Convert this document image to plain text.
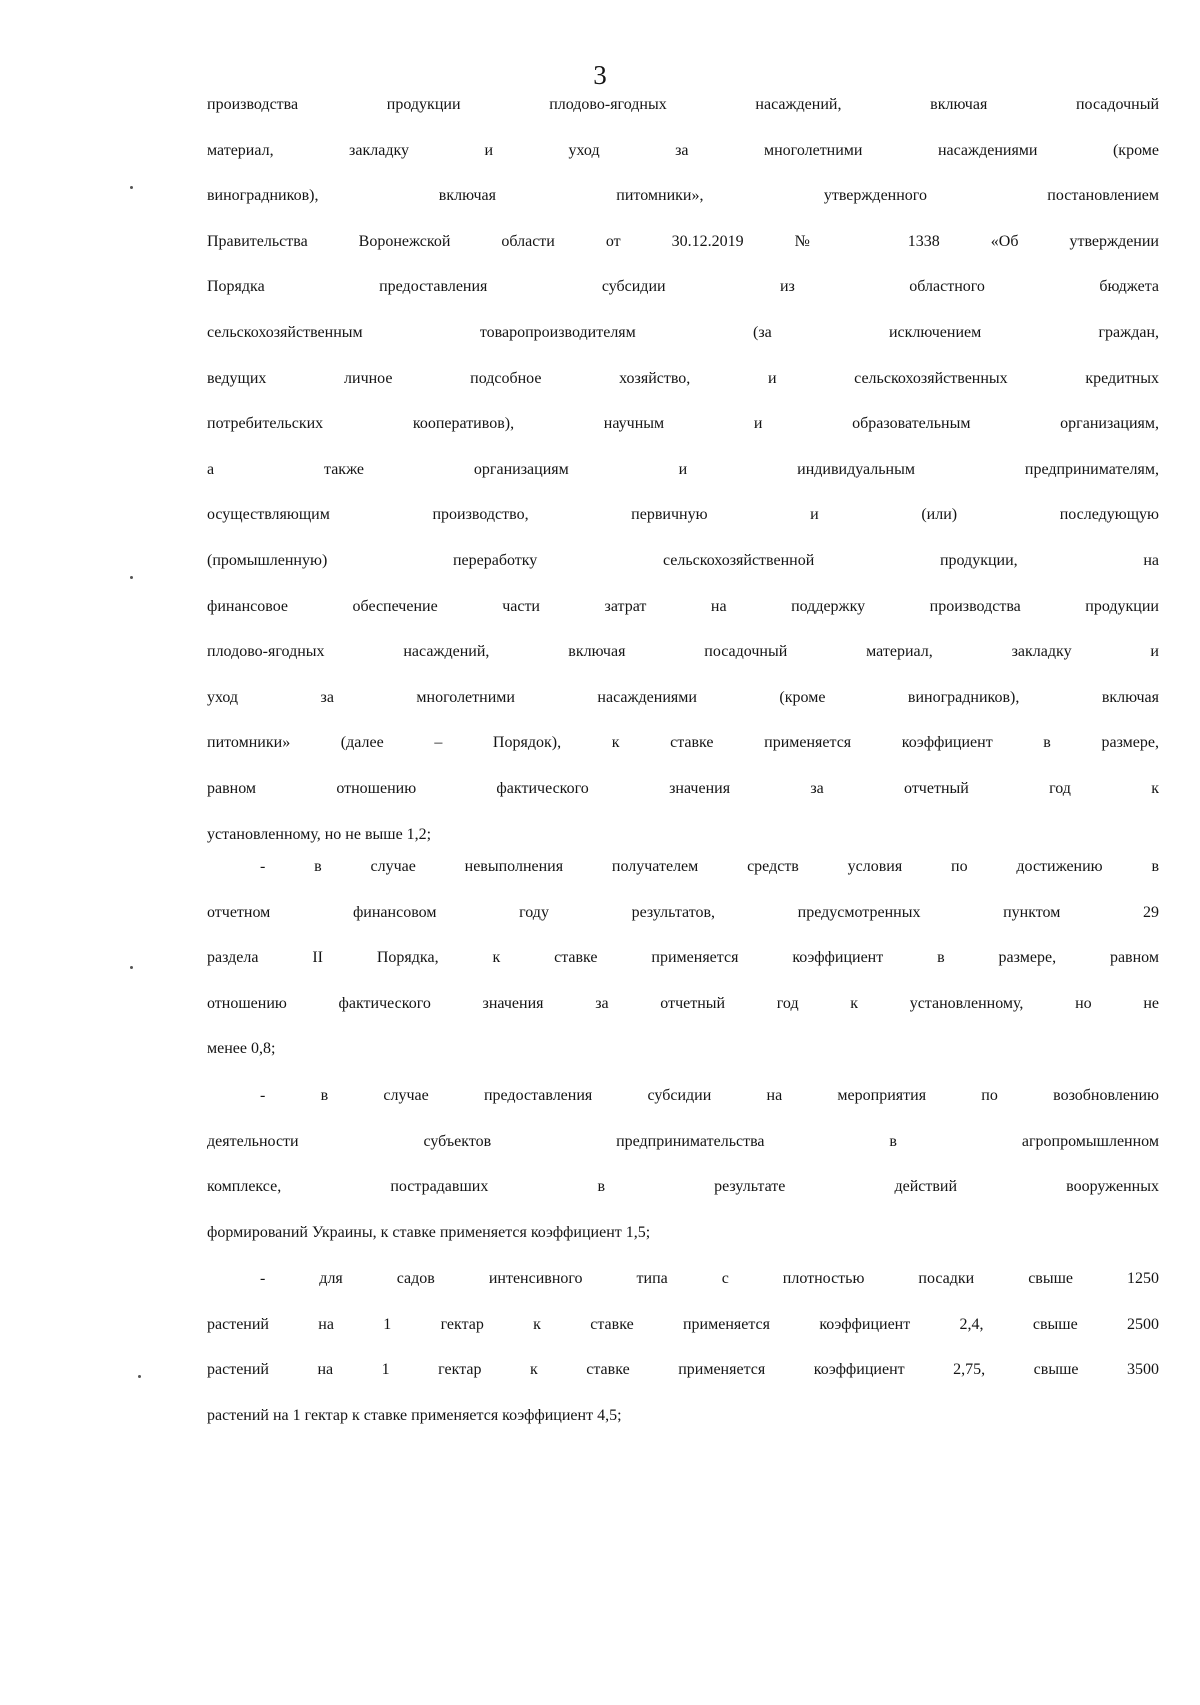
3
производства продукции плодово-ягодных насаждений, включая посадочный
материал, закладку и уход за многолетними насаждениями (кроме
виноградников), включая питомники», утвержденного постановлением
Правительства Воронежской области от 30.12.2019 № 1338 «Об утверждении
Порядка предоставления субсидии из областного бюджета
сельскохозяйственным товаропроизводителям (за исключением граждан,
ведущих личное подсобное хозяйство, и сельскохозяйственных кредитных
потребительских кооперативов), научным и образовательным организациям,
а также организациям и индивидуальным предпринимателям,
осуществляющим производство, первичную и (или) последующую
(промышленную) переработку сельскохозяйственной продукции, на
финансовое обеспечение части затрат на поддержку производства продукции
плодово-ягодных насаждений, включая посадочный материал, закладку и
уход за многолетними насаждениями (кроме виноградников), включая
питомники» (далее – Порядок), к ставке применяется коэффициент в размере,
равном отношению фактического значения за отчетный год к
установленному, но не выше 1,2;
- в случае невыполнения получателем средств условия по достижению в
отчетном финансовом году результатов, предусмотренных пунктом 29
раздела II Порядка, к ставке применяется коэффициент в размере, равном
отношению фактического значения за отчетный год к установленному, но не
менее 0,8;
- в случае предоставления субсидии на мероприятия по возобновлению
деятельности субъектов предпринимательства в агропромышленном
комплексе, пострадавших в результате действий вооруженных
формирований Украины, к ставке применяется коэффициент 1,5;
- для садов интенсивного типа с плотностью посадки свыше 1250
растений на 1 гектар к ставке применяется коэффициент 2,4, свыше 2500
растений на 1 гектар к ставке применяется коэффициент 2,75, свыше 3500
растений на 1 гектар к ставке применяется коэффициент 4,5;
